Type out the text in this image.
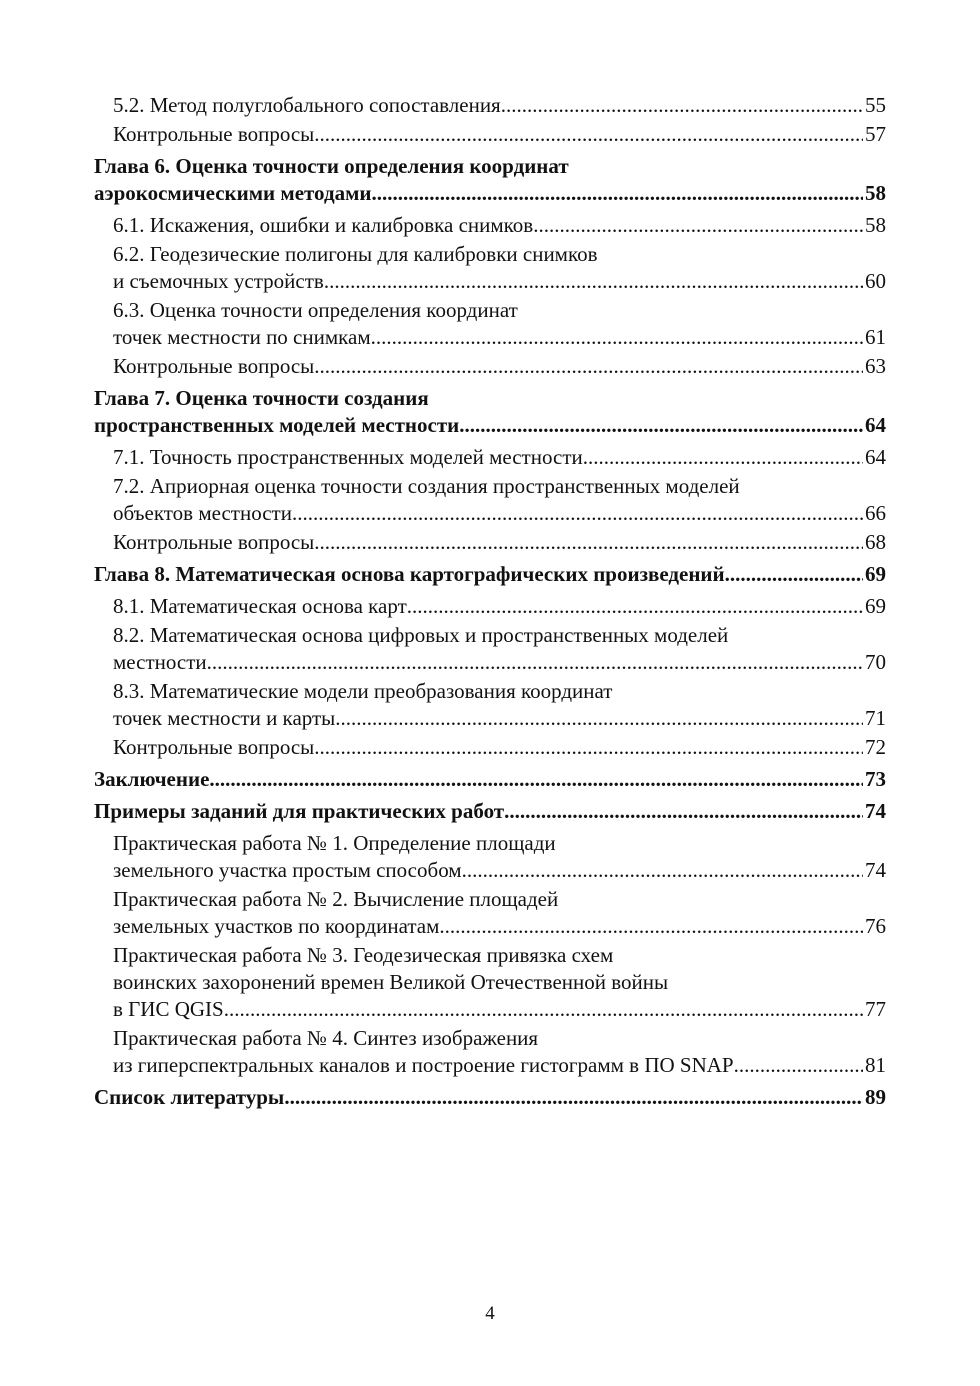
5.2. Метод полуглобального сопоставления .....	55
Контрольные вопросы .....	57
Глава 6. Оценка точности определения координат
аэрокосмическими методами .....	58
6.1. Искажения, ошибки и калибровка снимков .....	58
6.2. Геодезические полигоны для калибровки снимков
и съемочных устройств .....	60
6.3. Оценка точности определения координат
точек местности по снимкам .....	61
Контрольные вопросы .....	63
Глава 7. Оценка точности создания
пространственных моделей местности .....	64
7.1. Точность пространственных моделей местности .....	64
7.2. Априорная оценка точности создания пространственных моделей
объектов местности .....	66
Контрольные вопросы .....	68
Глава 8. Математическая основа картографических произведений .....	69
8.1. Математическая основа карт .....	69
8.2. Математическая основа цифровых и пространственных моделей
местности .....	70
8.3. Математические модели преобразования координат
точек местности и карты .....	71
Контрольные вопросы .....	72
Заключение .....	73
Примеры заданий для практических работ .....	74
Практическая работа № 1. Определение площади
земельного участка простым способом .....	74
Практическая работа № 2. Вычисление площадей
земельных участков по координатам .....	76
Практическая работа № 3. Геодезическая привязка схем
воинских захоронений времен Великой Отечественной войны
в ГИС QGIS .....	77
Практическая работа № 4. Синтез изображения
из гиперспектральных каналов и построение гистограмм в ПО SNAP .....	81
Список литературы .....	89
4
